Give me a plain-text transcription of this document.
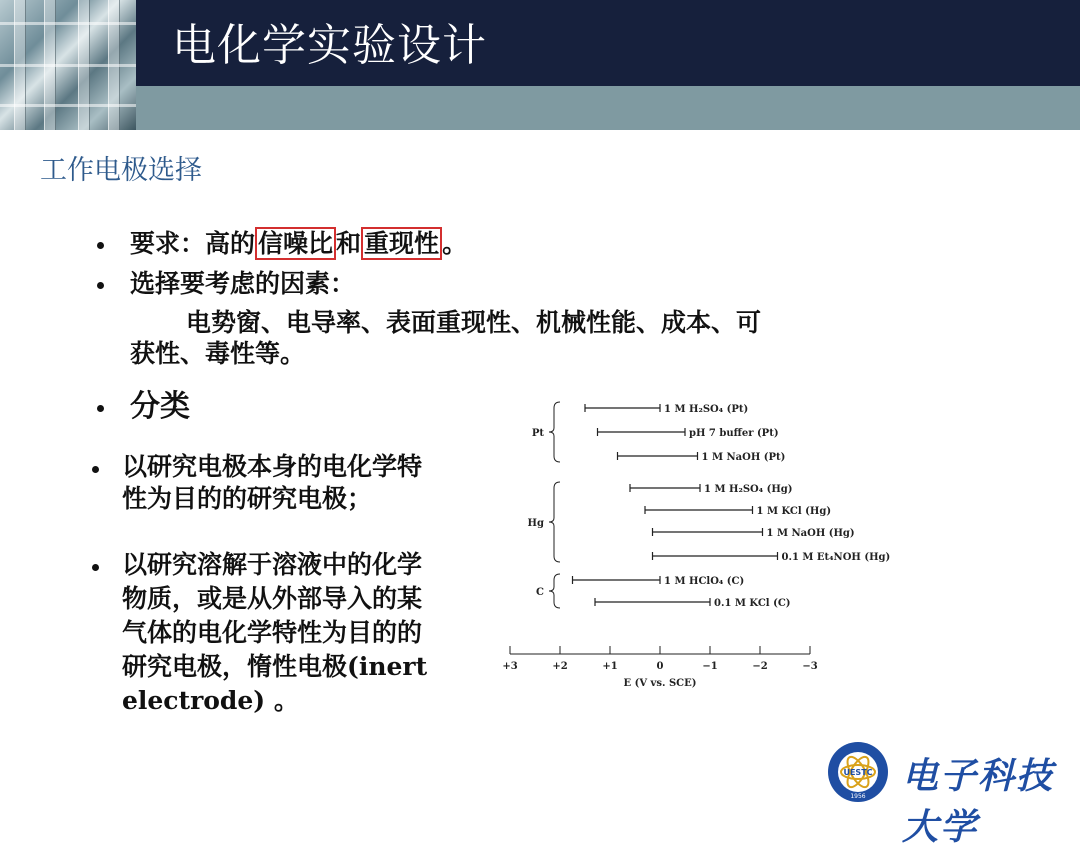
电化学实验设计
工作电极选择
要求：高的 信噪比 和 重现性 。
选择要考虑的因素：
电势窗、电导率、表面重现性、机械性能、成本、可
获性、毒性等。
分类
以研究电极本身的电化学特
性为目的的研究电极；
以研究溶解于溶液中的化学
物质，或是从外部导入的某
气体的电化学特性为目的的
研究电极，惰性电极(inert
electrode) 。
1 M H₂SO₄ (Pt)
pH 7 buffer (Pt)
1 M NaOH (Pt)
Pt
1 M H₂SO₄ (Hg)
1 M KCl (Hg)
1 M NaOH (Hg)
0.1 M Et₄NOH (Hg)
Hg
1 M HClO₄ (C)
0.1 M KCl (C)
C
+3	+2	+1	0	−1	−2	−3
E (V vs. SCE)
UESTC
1956 电子科技大学
